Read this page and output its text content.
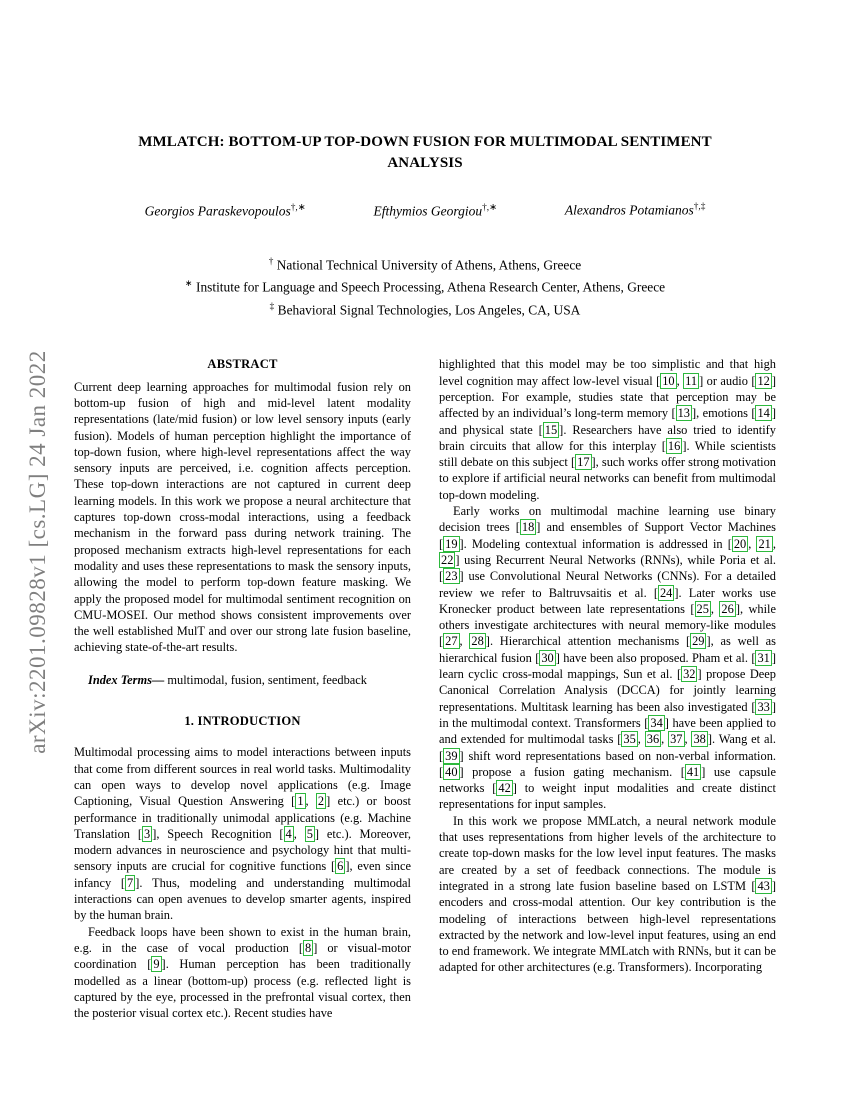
arXiv:2201.09828v1 [cs.LG] 24 Jan 2022
MMLATCH: BOTTOM-UP TOP-DOWN FUSION FOR MULTIMODAL SENTIMENT ANALYSIS
Georgios Paraskevopoulos†,∗	Efthymios Georgiou†,∗	Alexandros Potamianos†,‡
† National Technical University of Athens, Athens, Greece
∗ Institute for Language and Speech Processing, Athena Research Center, Athens, Greece
‡ Behavioral Signal Technologies, Los Angeles, CA, USA
ABSTRACT

Current deep learning approaches for multimodal fusion rely on bottom-up fusion of high and mid-level latent modality representations (late/mid fusion) or low level sensory inputs (early fusion). Models of human perception highlight the importance of top-down fusion, where high-level representations affect the way sensory inputs are perceived, i.e. cognition affects perception. These top-down interactions are not captured in current deep learning models. In this work we propose a neural architecture that captures top-down cross-modal interactions, using a feedback mechanism in the forward pass during network training. The proposed mechanism extracts high-level representations for each modality and uses these representations to mask the sensory inputs, allowing the model to perform top-down feature masking. We apply the proposed model for multimodal sentiment recognition on CMU-MOSEI. Our method shows consistent improvements over the well established MulT and over our strong late fusion baseline, achieving state-of-the-art results.

Index Terms— multimodal, fusion, sentiment, feedback

1. INTRODUCTION

Multimodal processing aims to model interactions between inputs that come from different sources in real world tasks. Multimodality can open ways to develop novel applications (e.g. Image Captioning, Visual Question Answering [ 1 , 2 ] etc.) or boost performance in traditionally unimodal applications (e.g. Machine Translation [ 3 ], Speech Recognition [ 4 , 5 ] etc.). Moreover, modern advances in neuroscience and psychology hint that multi-sensory inputs are crucial for cognitive functions [ 6 ], even since infancy [ 7 ]. Thus, modeling and understanding multimodal interactions can open avenues to develop smarter agents, inspired by the human brain.

Feedback loops have been shown to exist in the human brain, e.g. in the case of vocal production [ 8 ] or visual-motor coordination [ 9 ]. Human perception has been traditionally modelled as a linear (bottom-up) process (e.g. reflected light is captured by the eye, processed in the prefrontal visual cortex, then the posterior visual cortex etc.). Recent studies have

highlighted that this model may be too simplistic and that high level cognition may affect low-level visual [ 10 , 11 ] or audio [ 12 ] perception. For example, studies state that perception may be affected by an individual’s long-term memory [ 13 ], emotions [ 14 ] and physical state [ 15 ]. Researchers have also tried to identify brain circuits that allow for this interplay [ 16 ]. While scientists still debate on this subject [ 17 ], such works offer strong motivation to explore if artificial neural networks can benefit from multimodal top-down modeling.

Early works on multimodal machine learning use binary decision trees [ 18 ] and ensembles of Support Vector Machines [ 19 ]. Modeling contextual information is addressed in [ 20 , 21 , 22 ] using Recurrent Neural Networks (RNNs), while Poria et al. [ 23 ] use Convolutional Neural Networks (CNNs). For a detailed review we refer to Baltruvsaitis et al. [ 24 ]. Later works use Kronecker product between late representations [ 25 , 26 ], while others investigate architectures with neural memory-like modules [ 27 , 28 ]. Hierarchical attention mechanisms [ 29 ], as well as hierarchical fusion [ 30 ] have been also proposed. Pham et al. [ 31 ] learn cyclic cross-modal mappings, Sun et al. [ 32 ] propose Deep Canonical Correlation Analysis (DCCA) for jointly learning representations. Multitask learning has been also investigated [ 33 ] in the multimodal context. Transformers [ 34 ] have been applied to and extended for multimodal tasks [ 35 , 36 , 37 , 38 ]. Wang et al. [ 39 ] shift word representations based on non-verbal information. [ 40 ] propose a fusion gating mechanism. [ 41 ] use capsule networks [ 42 ] to weight input modalities and create distinct representations for input samples.

In this work we propose MMLatch, a neural network module that uses representations from higher levels of the architecture to create top-down masks for the low level input features. The masks are created by a set of feedback connections. The module is integrated in a strong late fusion baseline based on LSTM [ 43 ] encoders and cross-modal attention. Our key contribution is the modeling of interactions between high-level representations extracted by the network and low-level input features, using an end to end framework. We integrate MMLatch with RNNs, but it can be adapted for other architectures (e.g. Transformers). Incorporating
